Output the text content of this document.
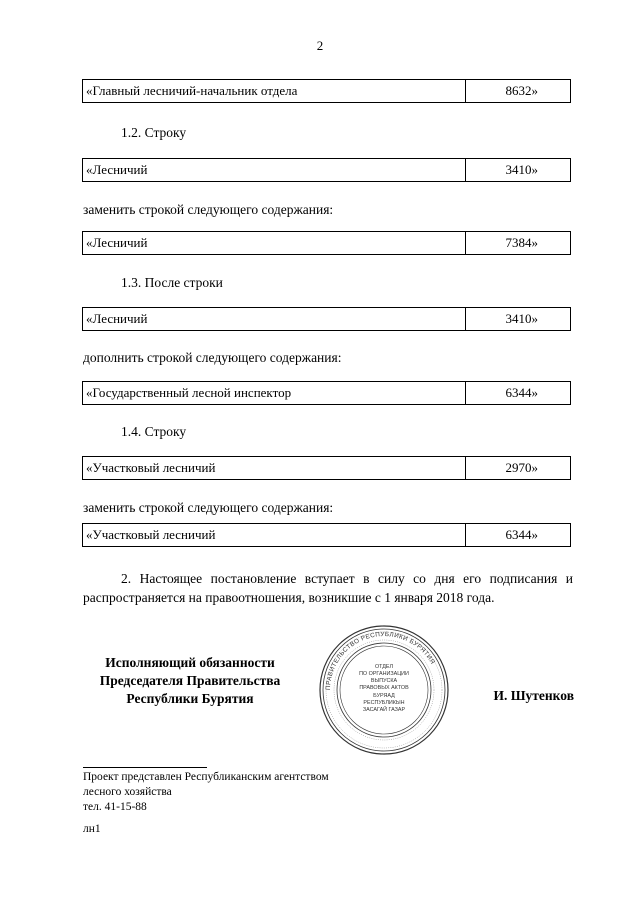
2
«Главный лесничий-начальник отдела	8632»
1.2. Строку
«Лесничий	3410»
заменить строкой следующего содержания:
«Лесничий	7384»
1.3. После строки
«Лесничий	3410»
дополнить строкой следующего содержания:
«Государственный лесной инспектор	6344»
1.4. Строку
«Участковый лесничий	2970»
заменить строкой следующего содержания:
«Участковый лесничий	6344»
2. Настоящее постановление вступает в силу со дня его подписания и распространяется на правоотношения, возникшие с 1 января 2018 года.
Исполняющий обязанности
Председателя Правительства
Республики Бурятия
ПРАВИТЕЛЬСТВО РЕСПУБЛИКИ БУРЯТИЯ
ОТДЕЛ
ПО ОРГАНИЗАЦИИ
ВЫПУСКА
ПРАВОВЫХ АКТОВ
БУРЯАД
РЕСПУБЛИКЫН
ЗАСАГАЙ ГАЗАР
И. Шутенков
Проект представлен Республиканским агентством
лесного хозяйства
тел. 41-15-88
лн1
